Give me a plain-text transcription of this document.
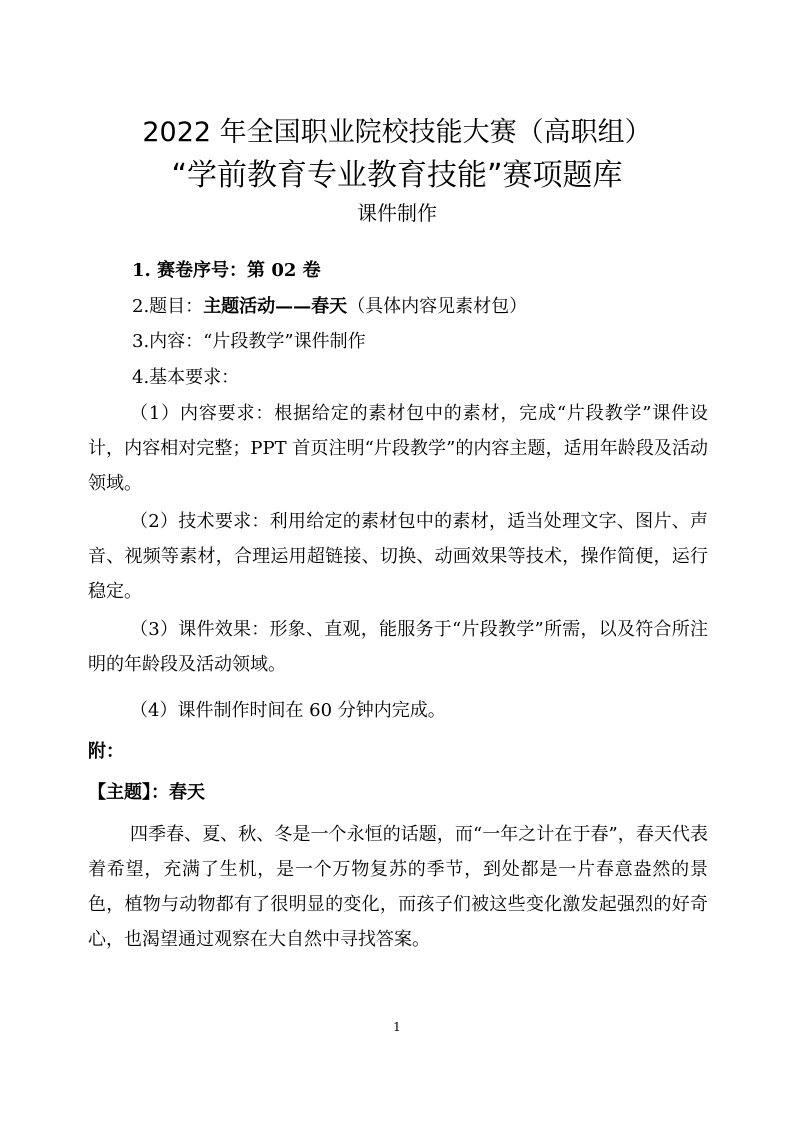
2022 年全国职业院校技能大赛（高职组）
“学前教育专业教育技能”赛项题库
课件制作
1. 赛卷序号：第 02 卷
2.题目：主题活动——春天（具体内容见素材包）
3.内容：“片段教学”课件制作
4.基本要求：
（1）内容要求：根据给定的素材包中的素材，完成“片段教学”课件设计，内容相对完整；PPT 首页注明“片段教学”的内容主题，适用年龄段及活动领域。
（2）技术要求：利用给定的素材包中的素材，适当处理文字、图片、声音、视频等素材，合理运用超链接、切换、动画效果等技术，操作简便，运行稳定。
（3）课件效果：形象、直观，能服务于“片段教学”所需，以及符合所注明的年龄段及活动领域。
（4）课件制作时间在 60 分钟内完成。
附：
【主题】：春天
四季春、夏、秋、冬是一个永恒的话题，而“一年之计在于春”，春天代表着希望，充满了生机，是一个万物复苏的季节，到处都是一片春意盎然的景色，植物与动物都有了很明显的变化，而孩子们被这些变化激发起强烈的好奇心，也渴望通过观察在大自然中寻找答案。
1
